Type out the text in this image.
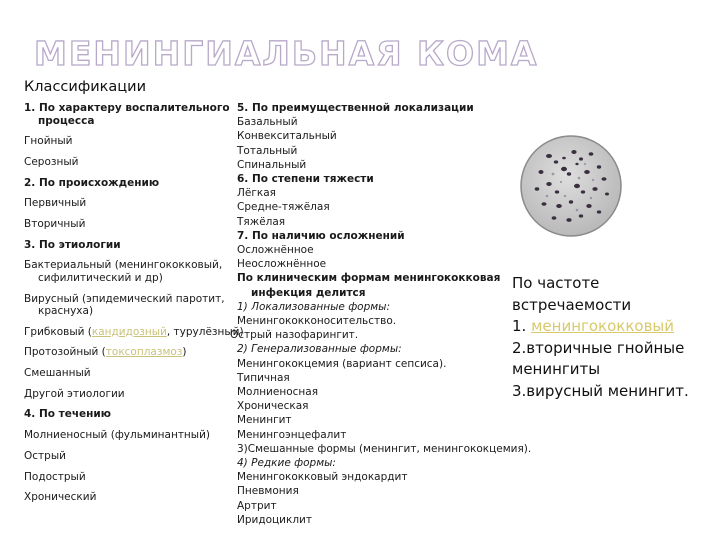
МЕНИНГИАЛЬНАЯ КОМА
Классификации
1. По характеру воспалительного
процесса
Гнойный
Серозный
2. По происхождению
Первичный
Вторичный
3. По этиологии
Бактериальный (менингококковый,
сифилитический и др)
Вирусный (эпидемический паротит,
краснуха)
Грибковый (кандидозный, турулёзный)
Протозойный (токсоплазмоз)
Смешанный
Другой этиологии
4. По течению
Молниеносный (фульминантный)
Острый
Подострый
Хронический
5. По преимущественной локализации
Базальный
Конвекситальный
Тотальный
Спинальный
6. По степени тяжести
Лёгкая
Средне-тяжёлая
Тяжёлая
7. По наличию осложнений
Осложнённое
Неосложнённое
По клиническим формам менингококковая
инфекция делится
1) Локализованные формы:
Менингококконосительство.
Острый назофарингит.
2) Генерализованные формы:
Менингококцемия (вариант сепсиса).
Типичная
Молниеносная
Хроническая
Менингит
Менингоэнцефалит
3)Смешанные формы (менингит, менингококцемия).
4) Редкие формы:
Менингококковый эндокардит
Пневмония
Артрит
Иридоциклит
По частоте
встречаемости
1. менингококковый
2.вторичные гнойные
менингиты
3.вирусный менингит.
